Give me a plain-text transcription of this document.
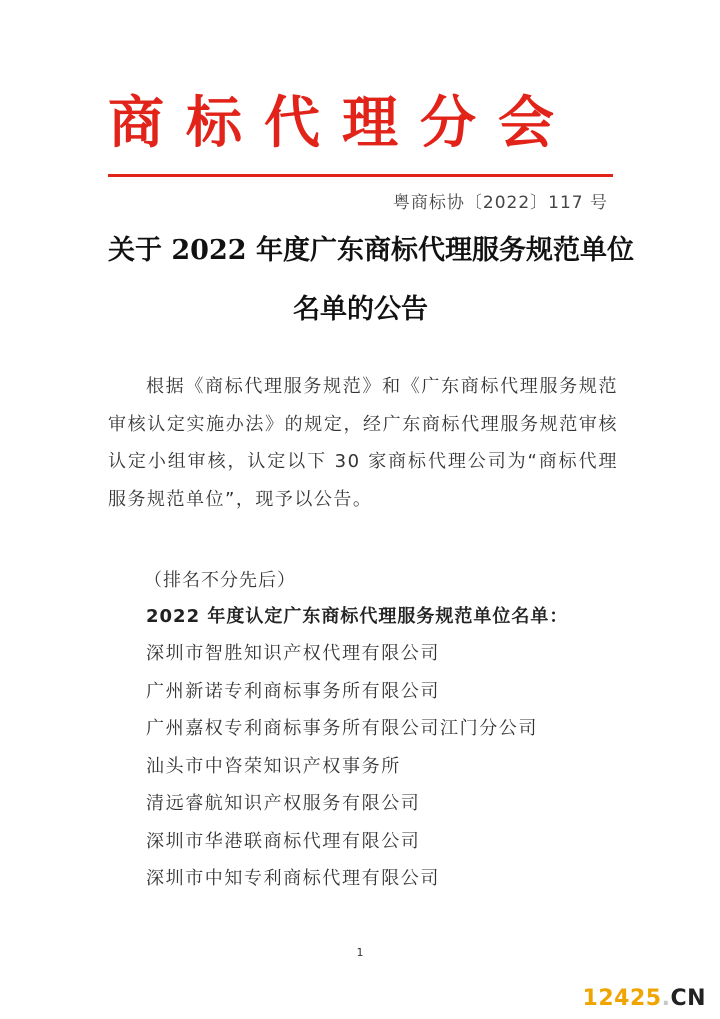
商标代理分会
粤商标协〔2022〕117 号
关于 2022 年度广东商标代理服务规范单位
名单的公告

根据《商标代理服务规范》和《广东商标代理服务规范审核认定实施办法》的规定，经广东商标代理服务规范审核认定小组审核，认定以下 30 家商标代理公司为“商标代理服务规范单位”，现予以公告。

（排名不分先后）
2022 年度认定广东商标代理服务规范单位名单：
深圳市智胜知识产权代理有限公司
广州新诺专利商标事务所有限公司
广州嘉权专利商标事务所有限公司江门分公司
汕头市中咨荣知识产权事务所
清远睿航知识产权服务有限公司
深圳市华港联商标代理有限公司
深圳市中知专利商标代理有限公司
1
12425.CN
